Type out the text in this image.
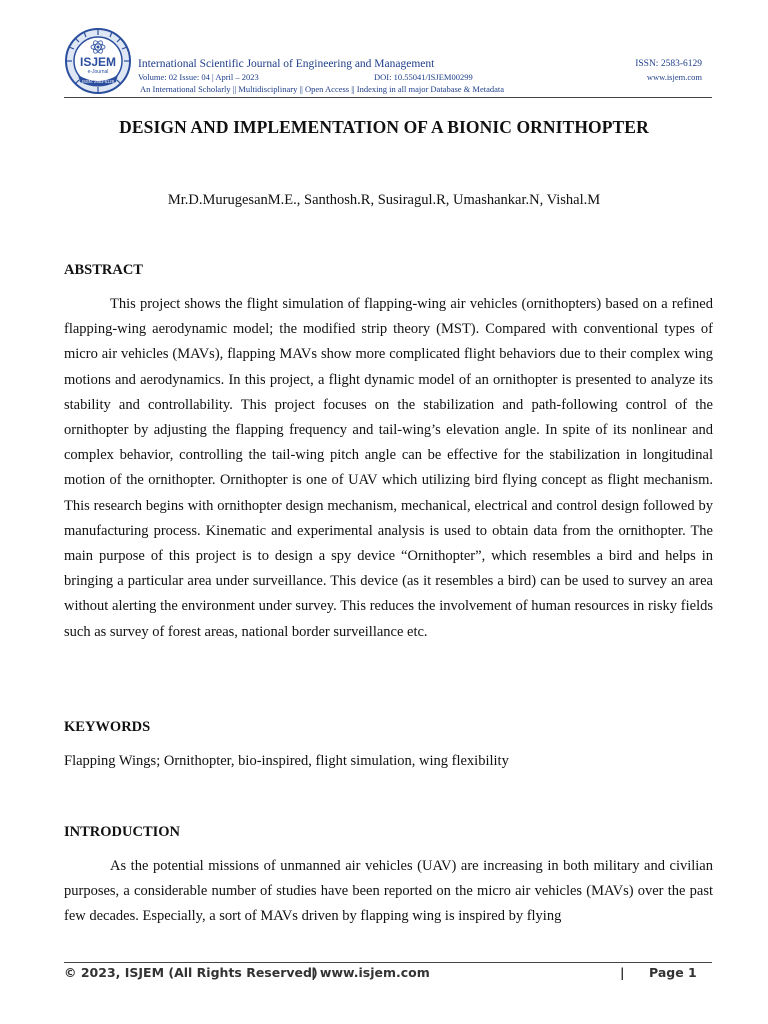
ISJEM
e-Journal
ISSN: 2583-6129
International Scientific Journal of Engineering and Management	ISSN: 2583-6129
Volume: 02 Issue: 04 | April – 2023	DOI: 10.55041/ISJEM00299	www.isjem.com
An International Scholarly || Multidisciplinary || Open Access || Indexing in all major Database & Metadata
DESIGN AND IMPLEMENTATION OF A BIONIC ORNITHOPTER
Mr.D.MurugesanM.E., Santhosh.R, Susiragul.R, Umashankar.N, Vishal.M
ABSTRACT

This project shows the flight simulation of flapping-wing air vehicles (ornithopters) based on a refined flapping-wing aerodynamic model; the modified strip theory (MST). Compared with conventional types of micro air vehicles (MAVs), flapping MAVs show more complicated flight behaviors due to their complex wing motions and aerodynamics. In this project, a flight dynamic model of an ornithopter is presented to analyze its stability and controllability. This project focuses on the stabilization and path-following control of the ornithopter by adjusting the flapping frequency and tail-wing’s elevation angle. In spite of its nonlinear and complex behavior, controlling the tail-wing pitch angle can be effective for the stabilization in longitudinal motion of the ornithopter. Ornithopter is one of UAV which utilizing bird flying concept as flight mechanism. This research begins with ornithopter design mechanism, mechanical, electrical and control design followed by manufacturing process. Kinematic and experimental analysis is used to obtain data from the ornithopter. The main purpose of this project is to design a spy device “Ornithopter”, which resembles a bird and helps in bringing a particular area under surveillance. This device (as it resembles a bird) can be used to survey an area without alerting the environment under survey. This reduces the involvement of human resources in risky fields such as survey of forest areas, national border surveillance etc.

KEYWORDS
Flapping Wings; Ornithopter, bio-inspired, flight simulation, wing flexibility
INTRODUCTION

As the potential missions of unmanned air vehicles (UAV) are increasing in both military and civilian purposes, a considerable number of studies have been reported on the micro air vehicles (MAVs) over the past few decades. Especially, a sort of MAVs driven by flapping wing is inspired by flying

© 2023, ISJEM (All Rights Reserved)
| www.isjem.com	| Page 1
